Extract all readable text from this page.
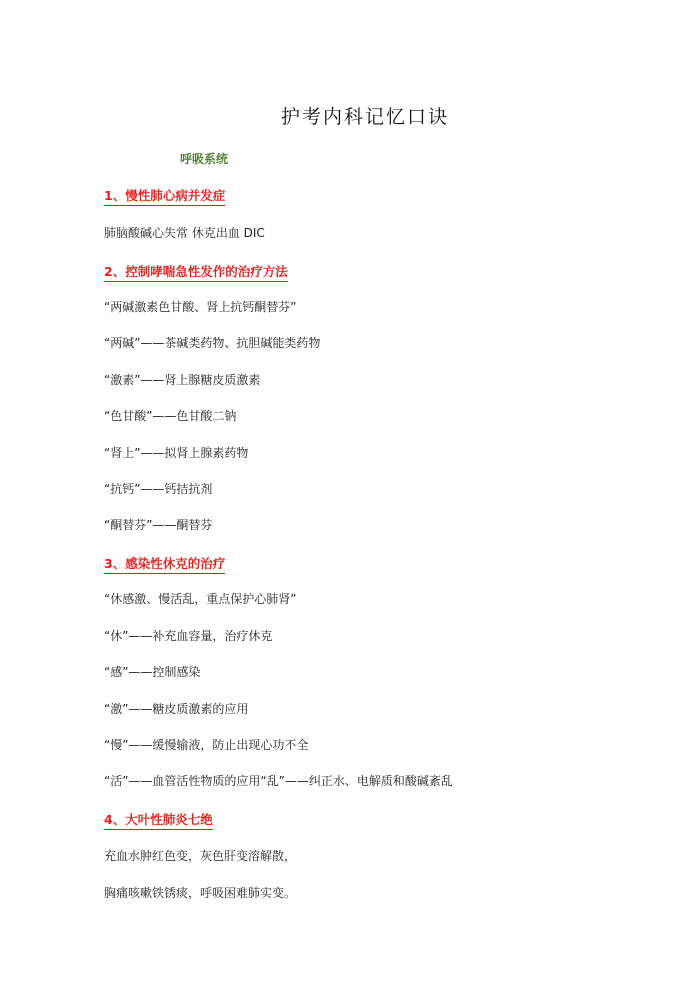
护考内科记忆口诀
呼吸系统
1、慢性肺心病并发症
肺脑酸碱心失常 休克出血 DIC
2、控制哮喘急性发作的治疗方法
“两碱激素色甘酸、肾上抗钙酮替芬”
“两碱”——茶碱类药物、抗胆碱能类药物
“激素”——肾上腺糖皮质激素
“色甘酸”——色甘酸二钠
“肾上”——拟肾上腺素药物
“抗钙”——钙拮抗剂
“酮替芬”——酮替芬
3、感染性休克的治疗
“休感激、慢活乱，重点保护心肺肾”
“休”——补充血容量，治疗休克
“感”——控制感染
“激”——糖皮质激素的应用
“慢”——缓慢输液，防止出现心功不全
“活”——血管活性物质的应用“乱”——纠正水、电解质和酸碱紊乱
4、大叶性肺炎七绝
充血水肿红色变，灰色肝变溶解散，
胸痛咳嗽铁锈痰，呼吸困难肺实变。
